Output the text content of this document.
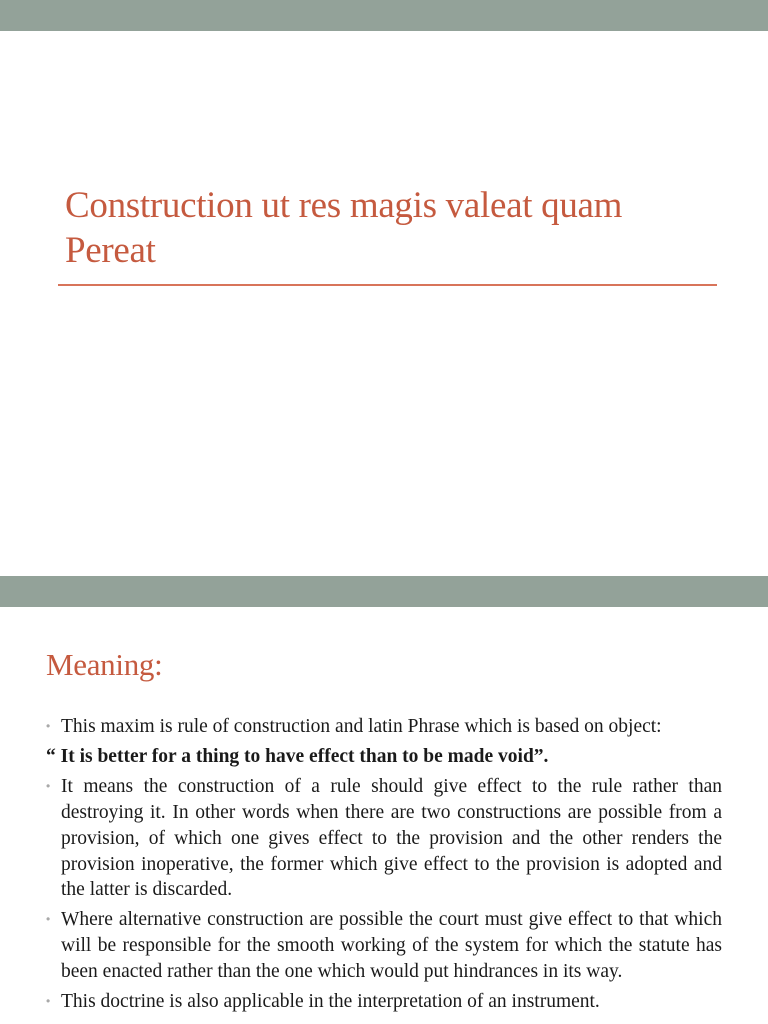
Construction ut res magis valeat quam Pereat
Meaning:

• This maxim is rule of construction and latin Phrase which is based on object:

“ It is better for a thing to have effect than to be made void”.

• It means the construction of a rule should give effect to the rule rather than destroying it. In other words when there are two constructions are possible from a provision, of which one gives effect to the provision and the other renders the provision inoperative, the former which give effect to the provision is adopted and the latter is discarded.

• Where alternative construction are possible the court must give effect to that which will be responsible for the smooth working of the system for which the statute has been enacted rather than the one which would put hindrances in its way.

• This doctrine is also applicable in the interpretation of an instrument.
